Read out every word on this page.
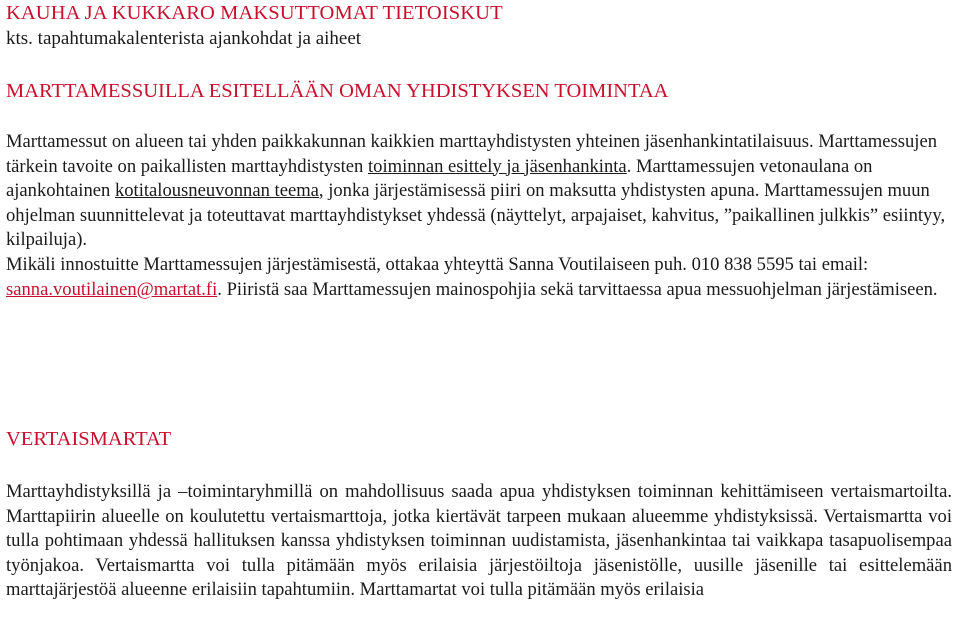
KAUHA JA KUKKARO MAKSUTTOMAT TIETOISKUT

kts. tapahtumakalenterista ajankohdat ja aiheet

MARTTAMESSUILLA ESITELLÄÄN OMAN YHDISTYKSEN TOIMINTAA

Marttamessut on alueen tai yhden paikkakunnan kaikkien marttayhdistysten yhteinen jäsenhankintatilaisuus. Marttamessujen tärkein tavoite on paikallisten marttayhdistysten toiminnan esittely ja jäsenhankinta. Marttamessujen vetonaulana on ajankohtainen kotitalousneuvonnan teema, jonka järjestämisessä piiri on maksutta yhdistysten apuna. Marttamessujen muun ohjelman suunnittelevat ja toteuttavat marttayhdistykset yhdessä (näyttelyt, arpajaiset, kahvitus, ”paikallinen julkkis” esiintyy, kilpailuja).
Mikäli innostuitte Marttamessujen järjestämisestä, ottakaa yhteyttä Sanna Voutilaiseen puh. 010 838 5595 tai email: sanna.voutilainen@martat.fi. Piiristä saa Marttamessujen mainospohjia sekä tarvittaessa apua messuohjelman järjestämiseen.

VERTAISMARTAT

Marttayhdistyksillä ja –toimintaryhmillä on mahdollisuus saada apua yhdistyksen toiminnan kehittämiseen vertaismartoilta. Marttapiirin alueelle on koulutettu vertaismarttoja, jotka kiertävät tarpeen mukaan alueemme yhdistyksissä. Vertaismartta voi tulla pohtimaan yhdessä hallituksen kanssa yhdistyksen toiminnan uudistamista, jäsenhankintaa tai vaikkapa tasapuolisempaa työnjakoa. Vertaismartta voi tulla pitämään myös erilaisia järjestöiltoja jäsenistölle, uusille jäsenille tai esittelemään marttajärjestöä alueenne erilaisiin tapahtumiin. Marttamartat voi tulla pitämään myös erilaisia
